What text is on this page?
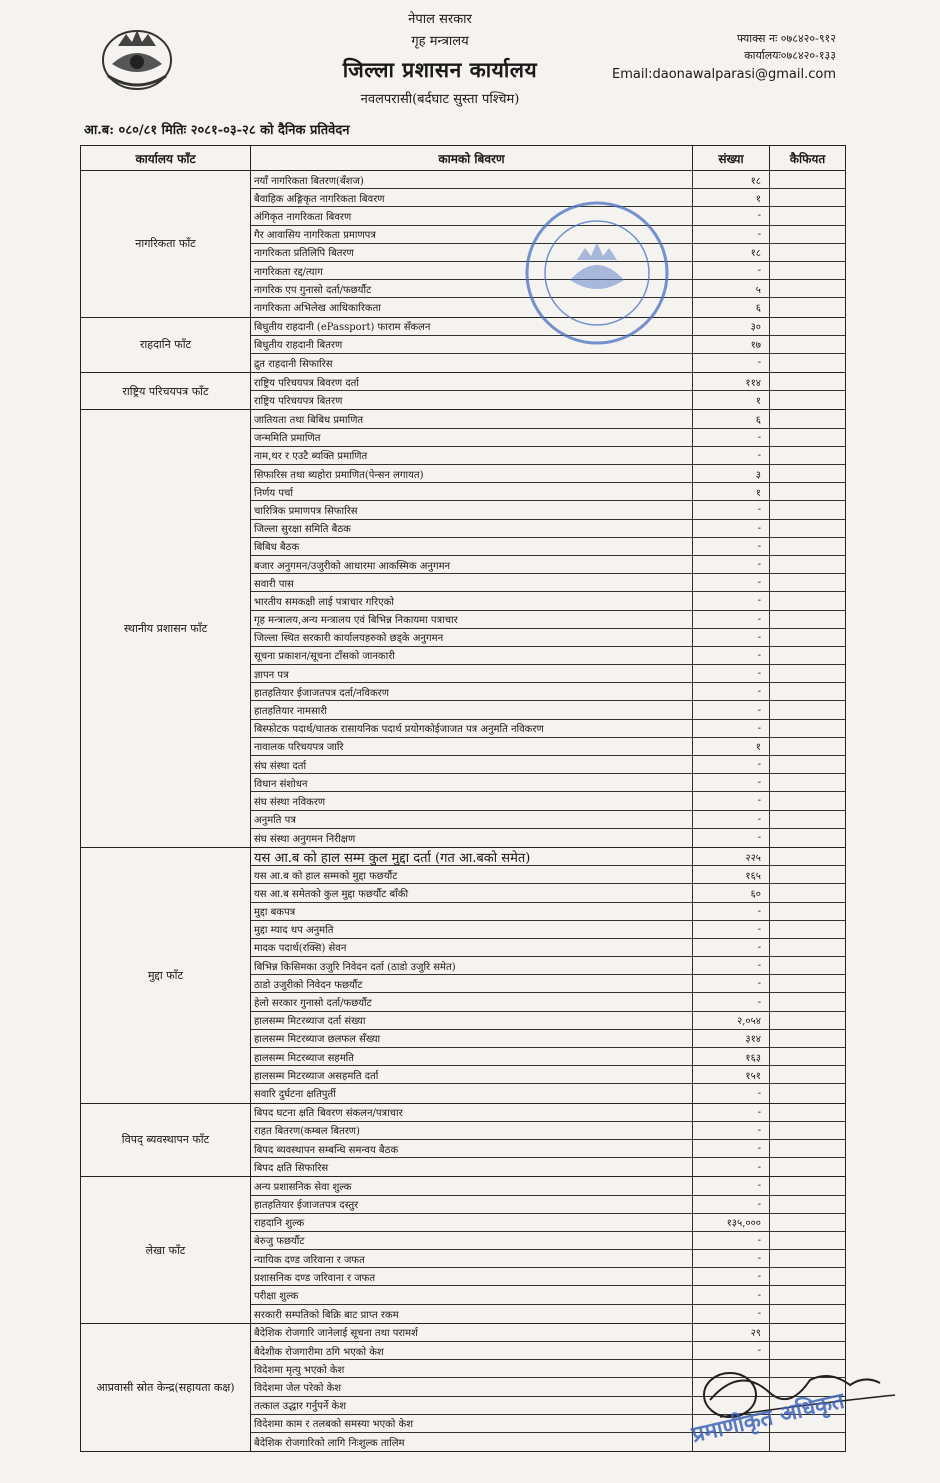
नेपाल सरकार
गृह मन्त्रालय
जिल्ला प्रशासन कार्यालय
नवलपरासी(बर्दघाट सुस्ता पश्चिम)
फ्याक्स नः ०७८४२०-९१२
कार्यालयः०७८४२०-१३३
Email:daonawalparasi@gmail.com
आ.ब: ०८०/८१ मितिः २०८१-०३-२८ को दैनिक प्रतिवेदन
कार्यालय फाँट	कामको बिवरण	संख्या	कैफियत
नागरिकता फाँट
नयाँ नागरिकता बितरण(बँशज)	१८
बैवाहिक अङ्गिकृत नागरिकता बिवरण	१
अंगिकृत नागरिकता बिवरण	-
गैर आवासिय नागरिकता प्रमाणपत्र	-
नागरिकता प्रतिलिपि बितरण	१८
नागरिकता रद्द/त्याग	-
नागरिक एप गुनासो दर्ता/फछर्यौट	५
नागरिकता अभिलेख आधिकारिकता	६
राहदानि फाँट
बिधुतीय राहदानी (ePassport) फाराम सँकलन	३०
बिधुतीय राहदानी बितरण	१७
द्रुत राहदानी सिफारिस	-
राष्ट्रिय परिचयपत्र फाँट
राष्ट्रिय परिचयपत्र बिवरण दर्ता	११४
राष्ट्रिय परिचयपत्र बितरण	१
स्थानीय प्रशासन फाँट
जातियता तथा बिबिध प्रमाणित	६
जन्ममिति प्रमाणित	-
नाम,थर र एउटै ब्यक्ति प्रमाणित	-
सिफारिस तथा ब्यहोरा प्रमाणित(पेन्सन लगायत)	३
निर्णय पर्चा	१
चारित्रिक प्रमाणपत्र सिफारिस	-
जिल्ला सुरक्षा समिति बैठक	-
बिबिध बैठक	-
बजार अनुगमन/उजुरीको आधारमा आकस्मिक अनुगमन	-
सवारी पास	-
भारतीय समकक्षी लाई पत्राचार गरिएको	-
गृह मन्त्रालय,अन्य मन्त्रालय एवं बिभिन्न निकायमा पत्राचार	-
जिल्ला स्थित सरकारी कार्यालयहरुको छड्के अनुगमन	-
सूचना प्रकाशन/सूचना टाँसको जानकारी	-
ज्ञापन पत्र	-
हातहतियार ईजाजतपत्र दर्ता/नविकरण	-
हातहतियार नामसारी	-
बिस्फोटक पदार्थ/घातक रासायनिक पदार्थ प्रयोगकोईजाजत पत्र अनुमति नविकरण	-
नावालक परिचयपत्र जारि	१
संघ संस्था दर्ता	-
विधान संशोधन	-
संघ संस्था नविकरण	-
अनुमति पत्र	-
संघ संस्था अनुगमन निरीक्षण	-
मुद्दा फाँट
यस आ.ब को हाल सम्म कुल मुद्दा दर्ता (गत आ.बको समेत)	२२५
यस आ.ब को हाल सम्मको मुद्दा फछर्यौट	१६५
यस आ.ब समेतको कुल मुद्दा फछर्यौट बाँकी	६०
मुद्दा बकपत्र	-
मुद्दा म्याद थप अनुमति	-
मादक पदार्थ(रक्सि) सेवन	-
बिभिन्न किसिमका उजुरि निवेदन दर्ता (ठाडो उजुरि समेत)	-
ठाडो उजुरीको निवेदन फछर्यौट	-
हेलो सरकार गुनासो दर्ता/फछर्यौट	-
हालसम्म मिटरब्याज दर्ता संख्या	२,०५४
हालसम्म मिटरब्याज छलफल सँख्या	३१४
हालसम्म मिटरब्याज सहमति	१६३
हालसम्म मिटरब्याज असहमति दर्ता	१५१
सवारि दुर्घटना क्षतिपुर्ती	-
विपद् ब्यवस्थापन फाँट
बिपद घटना क्षति बिवरण संकलन/पत्राचार	-
राहत बितरण(कम्बल बितरण)	-
बिपद ब्यवस्थापन सम्बन्धि समन्वय बैठक	-
बिपद क्षति सिफारिस	-
लेखा फाँट
अन्य प्रशासनिक सेवा शुल्क	-
हातहतियार ईजाजतपत्र दस्तुर	-
राहदानि शुल्क	१३५,०००
बेरुजु फछर्यौट	-
न्यायिक दण्ड जरिवाना र जफत	-
प्रशासनिक दण्ड जरिवाना र जफत	-
परीक्षा शुल्क	-
सरकारी सम्पतिको बिक्रि बाट प्राप्त रकम	-
आप्रवासी स्रोत केन्द्र(सहायता कक्ष)
बैदेशिक रोजगारि जानेलाई सूचना तथा परामर्श	२९
बैदेशीक रोजगारीमा ठगि भएको केश	-
विदेशमा मृत्यु भएको केश
विदेशमा जेल परेको केश
तत्काल उद्धार गर्नुपर्ने केश
विदेशमा काम र तलबको समस्या भएको केश
बैदेशिक रोजगारिको लागि निःशुल्क तालिम	प्रमाणीकृत अधिकृत
